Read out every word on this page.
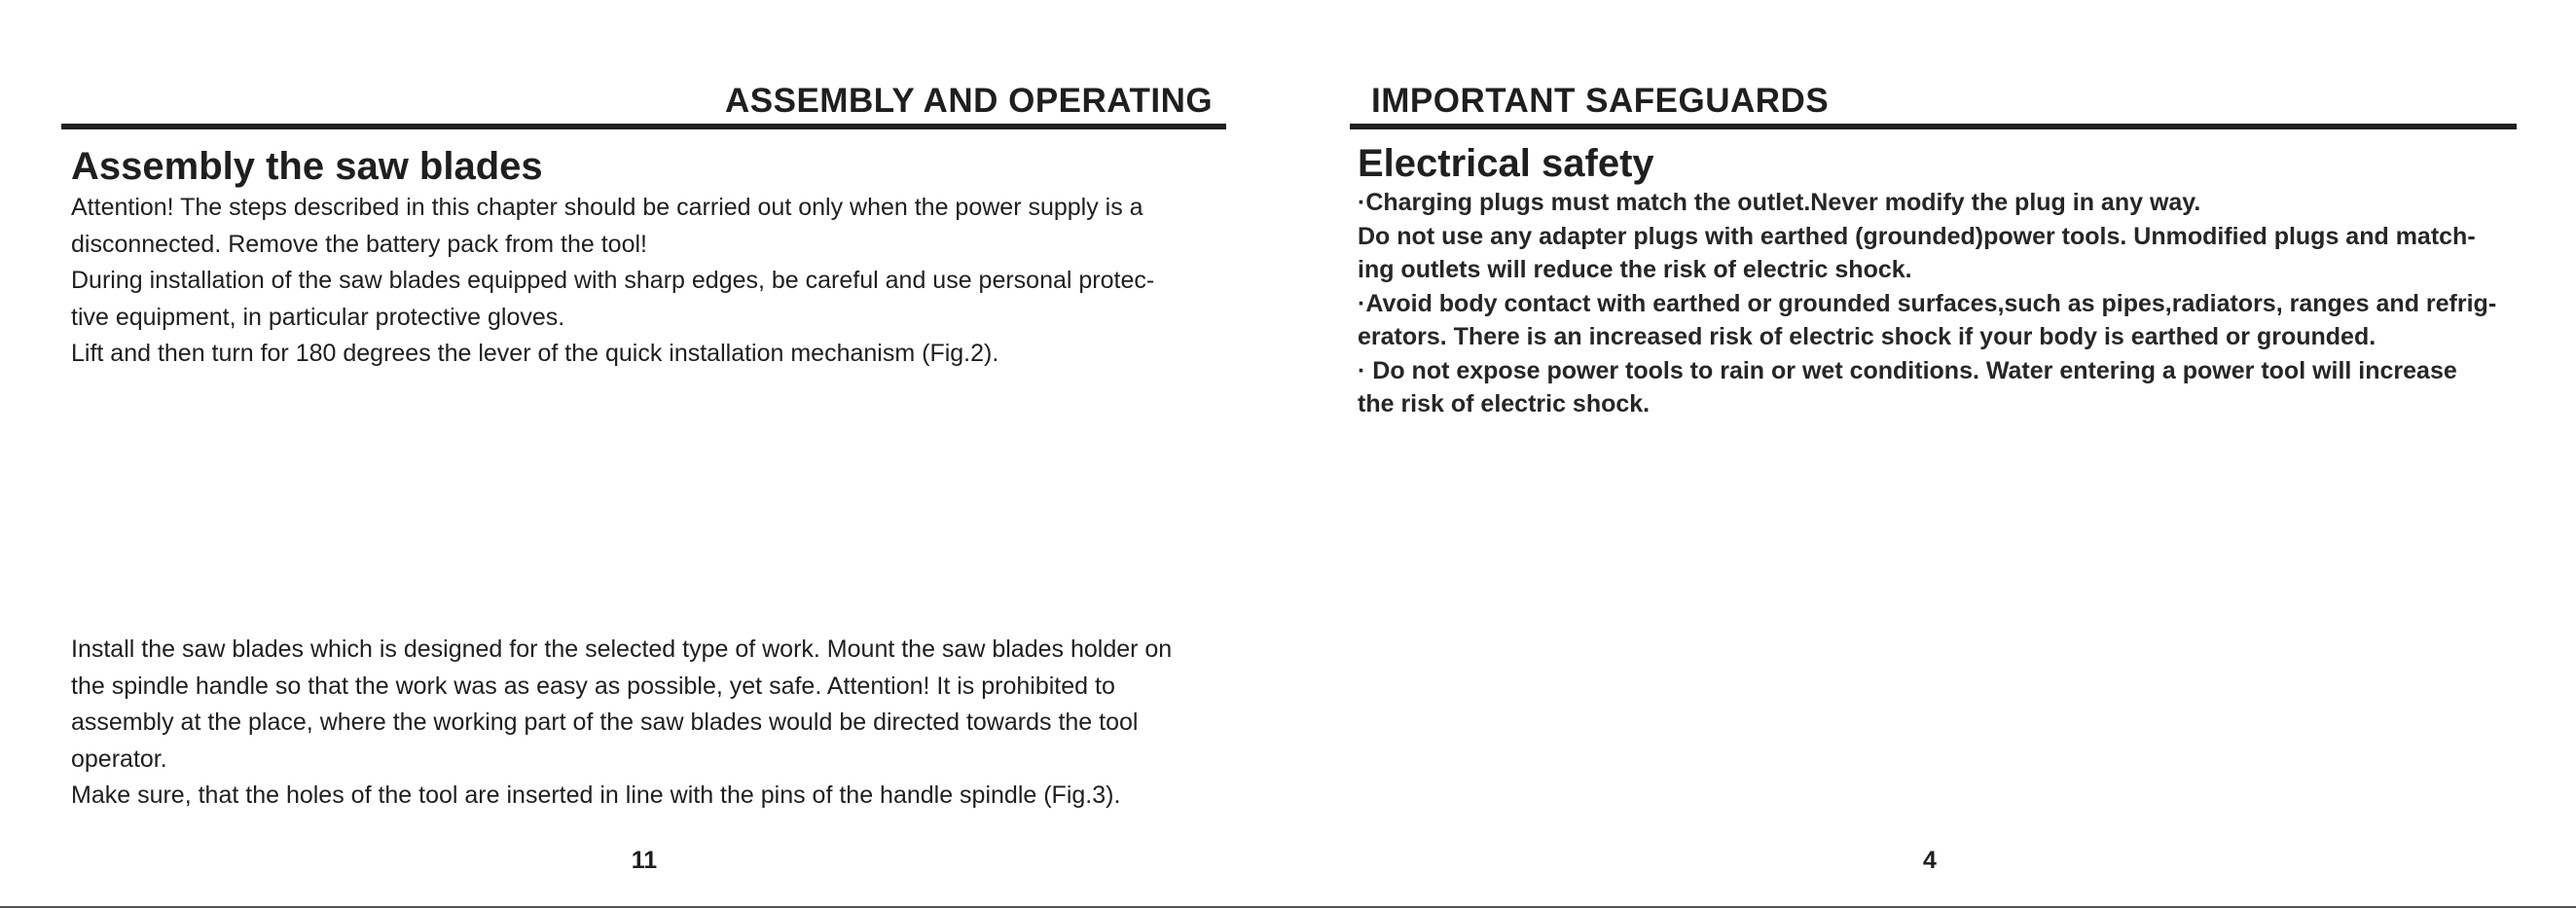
ASSEMBLY AND OPERATING
Assembly the saw blades

Attention! The steps described in this chapter should be carried out only when the power supply is a
disconnected. Remove the battery pack from the tool!

During installation of the saw blades equipped with sharp edges, be careful and use personal protec-
tive equipment, in particular protective gloves.

Lift and then turn for 180 degrees the lever of the quick installation mechanism (Fig.2).

Install the saw blades which is designed for the selected type of work. Mount the saw blades holder on
the spindle handle so that the work was as easy as possible, yet safe. Attention! It is prohibited to
assembly at the place, where the working part of the saw blades would be directed towards the tool
operator.

Make sure, that the holes of the tool are inserted in line with the pins of the handle spindle (Fig.3).

11
IMPORTANT SAFEGUARDS
Electrical safety

·Charging plugs must match the outlet.Never modify the plug in any way.

Do not use any adapter plugs with earthed (grounded)power tools. Unmodified plugs and match-
ing outlets will reduce the risk of electric shock.

·Avoid body contact with earthed or grounded surfaces,such as pipes,radiators, ranges and refrig-
erators. There is an increased risk of electric shock if your body is earthed or grounded.

· Do not expose power tools to rain or wet conditions. Water entering a power tool will increase
the risk of electric shock.

4
